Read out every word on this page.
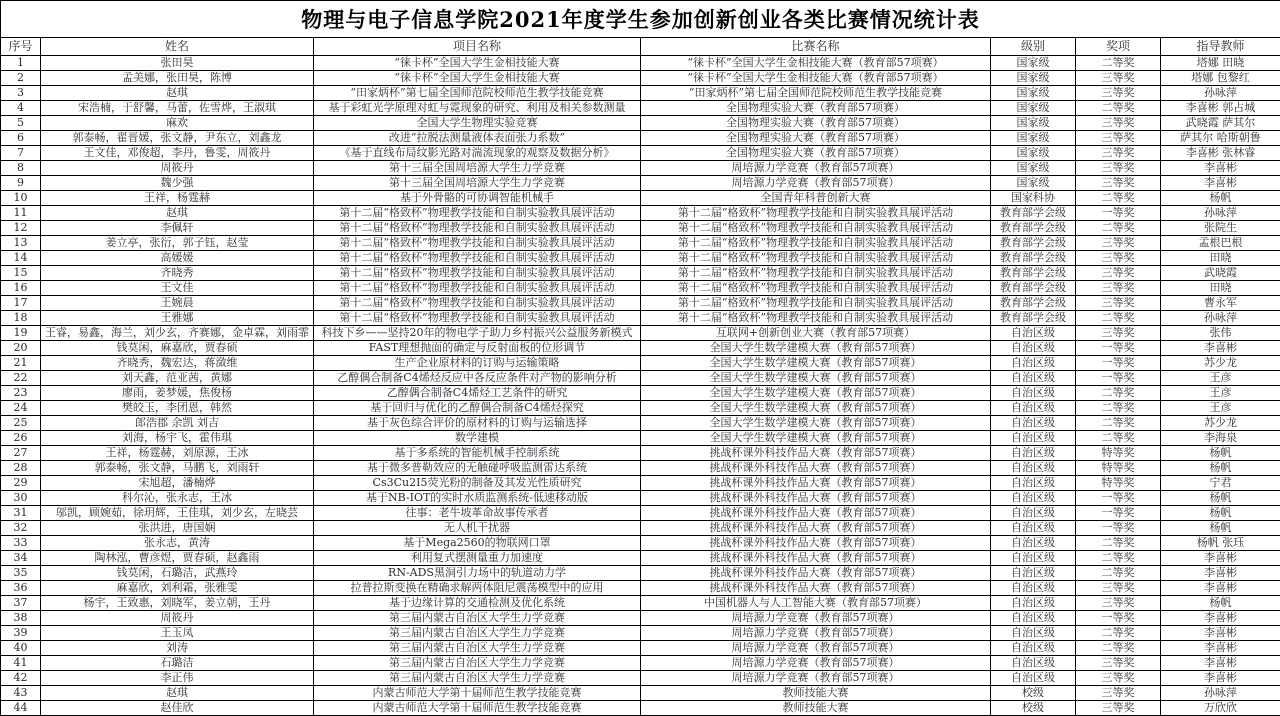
物理与电子信息学院2021年度学生参加创新创业各类比赛情况统计表						
序号	姓名	项目名称	比赛名称	级别	奖项	指导教师
1	张田昊	“徕卡杯”全国大学生金相技能大赛	“徕卡杯”全国大学生金相技能大赛（教育部57项赛）	国家级	二等奖	塔娜 田晓
2	孟美娜，张田昊，陈博	“徕卡杯”全国大学生金相技能大赛	“徕卡杯”全国大学生金相技能大赛（教育部57项赛）	国家级	三等奖	塔娜 包黎红
3	赵琪	“田家炳杯”第七届全国师范院校师范生教学技能竞赛	“田家炳杯”第七届全国师范院校师范生教学技能竞赛	国家级	三等奖	孙咏萍
4	宋浩楠，于舒馨，马蕾，佐雪烨，王淑琪	基于彩虹光学原理对虹与霓现象的研究、利用及相关参数测量	全国物理实验大赛（教育部57项赛）	国家级	二等奖	李喜彬 郭占城
5	麻欢	全国大学生物理实验竞赛	全国物理实验大赛（教育部57项赛）	国家级	三等奖	武晓霞 萨其尔
6	郭泰畅，翟晋媛，张文静，尹东立，刘鑫龙	改进“拉脱法测量液体表面张力系数”	全国物理实验大赛（教育部57项赛）	国家级	三等奖	萨其尔 哈斯朝鲁
7	王文佳，邓俊超，李丹，鲁雯，周筱丹	《基于直线布局纹影光路对湍流现象的观察及数据分析》	全国物理实验大赛（教育部57项赛）	国家级	三等奖	李喜彬 张林睿
8	周筱丹	第十三届全国周培源大学生力学竞赛	周培源力学竞赛（教育部57项赛）	国家级	三等奖	李喜彬
9	魏少强	第十三届全国周培源大学生力学竞赛	周培源力学竞赛（教育部57项赛）	国家级	三等奖	李喜彬
10	王祥，杨霆赫	基于外骨骼的可协调智能机械手	全国青年科普创新大赛	国家科协	二等奖	杨帆
11	赵琪	第十二届“格致杯”物理教学技能和自制实验教具展评活动	第十二届“格致杯”物理教学技能和自制实验教具展评活动	教育部学会级	一等奖	孙咏萍
12	李佩轩	第十二届“格致杯”物理教学技能和自制实验教具展评活动	第十二届“格致杯”物理教学技能和自制实验教具展评活动	教育部学会级	二等奖	张院生
13	姜立亭，张衍，郭子钰，赵莹	第十二届“格致杯”物理教学技能和自制实验教具展评活动	第十二届“格致杯”物理教学技能和自制实验教具展评活动	教育部学会级	三等奖	孟根巴根
14	高媛媛	第十二届“格致杯”物理教学技能和自制实验教具展评活动	第十二届“格致杯”物理教学技能和自制实验教具展评活动	教育部学会级	三等奖	田晓
15	齐晓秀	第十二届“格致杯”物理教学技能和自制实验教具展评活动	第十二届“格致杯”物理教学技能和自制实验教具展评活动	教育部学会级	三等奖	武晓霞
16	王文佳	第十二届“格致杯”物理教学技能和自制实验教具展评活动	第十二届“格致杯”物理教学技能和自制实验教具展评活动	教育部学会级	三等奖	田晓
17	王婉晨	第十二届“格致杯”物理教学技能和自制实验教具展评活动	第十二届“格致杯”物理教学技能和自制实验教具展评活动	教育部学会级	三等奖	曹永军
18	王雅娜	第十二届“格致杯”物理教学技能和自制实验教具展评活动	第十二届“格致杯”物理教学技能和自制实验教具展评活动	教育部学会级	二等奖	孙咏萍
19	王睿，易鑫，海兰，刘少玄，齐赛娜，金卓霖，刘雨霏	科技下乡——坚持20年的物电学子助力乡村振兴公益服务新模式	互联网+创新创业大赛（教育部57项赛）	自治区级	三等奖	张伟
20	钱莫闲，麻嘉欣，贾春硕	FAST理想抛面的确定与反射面板的位形调节	全国大学生数学建模大赛（教育部57项赛）	自治区级	一等奖	李喜彬
21	齐晓秀，魏宏达，蒋潋维	生产企业原材料的订购与运输策略	全国大学生数学建模大赛（教育部57项赛）	自治区级	一等奖	苏少龙
22	刘天鑫，范亚茜，黄娜	乙醇偶合制备C4烯烃反应中各反应条件对产物的影响分析	全国大学生数学建模大赛（教育部57项赛）	自治区级	一等奖	王彦
23	廖雨，姜梦媛，焦俊杨	乙醇偶合制备C4烯烃工艺条件的研究	全国大学生数学建模大赛（教育部57项赛）	自治区级	二等奖	王彦
24	樊皎玉，李团恩，韩然	基于回归与优化的乙醇偶合制备C4烯烃探究	全国大学生数学建模大赛（教育部57项赛）	自治区级	二等奖	王彦
25	郎浩郡 余凯 刘吉	基于灰色综合评价的原材料的订购与运输选择	全国大学生数学建模大赛（教育部57项赛）	自治区级	二等奖	苏少龙
26	刘海，杨宇飞，霍伟琪	数学建模	全国大学生数学建模大赛（教育部57项赛）	自治区级	二等奖	李海泉
27	王祥，杨霆赫，刘原源，王冰	基于多系统的智能机械手控制系统	挑战杯课外科技作品大赛（教育部57项赛）	自治区级	特等奖	杨帆
28	郭泰畅，张文静，马鹏飞，刘雨轩	基于微多普勒效应的无触碰呼吸监测雷达系统	挑战杯课外科技作品大赛（教育部57项赛）	自治区级	特等奖	杨帆
29	宋旭超，潘楠烨	Cs3Cu2I5荧光粉的制备及其发光性质研究	挑战杯课外科技作品大赛（教育部57项赛）	自治区级	特等奖	宁君
30	科尔沁，张永志，王冰	基于NB-IOT的实时水质监测系统-低速移动版	挑战杯课外科技作品大赛（教育部57项赛）	自治区级	一等奖	杨帆
31	邬凯，顾婉茹，徐玥辉，王佳琪，刘少玄，左晓芸	往事：老牛坡革命故事传承者	挑战杯课外科技作品大赛（教育部57项赛）	自治区级	一等奖	杨帆
32	张洪进，唐国娴	无人机干扰器	挑战杯课外科技作品大赛（教育部57项赛）	自治区级	一等奖	杨帆
33	张永志，黄涛	基于Mega2560的物联网口罩	挑战杯课外科技作品大赛（教育部57项赛）	自治区级	二等奖	杨帆 张珏
34	陶林泓，曹彦煜，贾春硕，赵鑫雨	利用复式摆测量重力加速度	挑战杯课外科技作品大赛（教育部57项赛）	自治区级	二等奖	李喜彬
35	钱莫闲，石璐洁，武燕玲	RN-ADS黑洞引力场中的轨道动力学	挑战杯课外科技作品大赛（教育部57项赛）	自治区级	二等奖	李喜彬
36	麻嘉欣，刘利霜，张雅雯	拉普拉斯变换在精确求解两体阻尼震荡模型中的应用	挑战杯课外科技作品大赛（教育部57项赛）	自治区级	三等奖	李喜彬
37	杨宇，王致惠，刘晓军，姜立朝，王丹	基于边缘计算的交通检测及优化系统	中国机器人与人工智能大赛（教育部57项赛）	自治区级	三等奖	杨帆
38	周筱丹	第三届内蒙古自治区大学生力学竞赛	周培源力学竞赛（教育部57项赛）	自治区级	一等奖	李喜彬
39	王玉凤	第三届内蒙古自治区大学生力学竞赛	周培源力学竞赛（教育部57项赛）	自治区级	二等奖	李喜彬
40	刘涛	第三届内蒙古自治区大学生力学竞赛	周培源力学竞赛（教育部57项赛）	自治区级	二等奖	李喜彬
41	石璐洁	第三届内蒙古自治区大学生力学竞赛	周培源力学竞赛（教育部57项赛）	自治区级	三等奖	李喜彬
42	李正伟	第三届内蒙古自治区大学生力学竞赛	周培源力学竞赛（教育部57项赛）	自治区级	三等奖	李喜彬
43	赵琪	内蒙古师范大学第十届师范生教学技能竞赛	教师技能大赛	校级	三等奖	孙咏萍
44	赵佳欣	内蒙古师范大学第十届师范生教学技能竞赛	教师技能大赛	校级	三等奖	万欣欣
